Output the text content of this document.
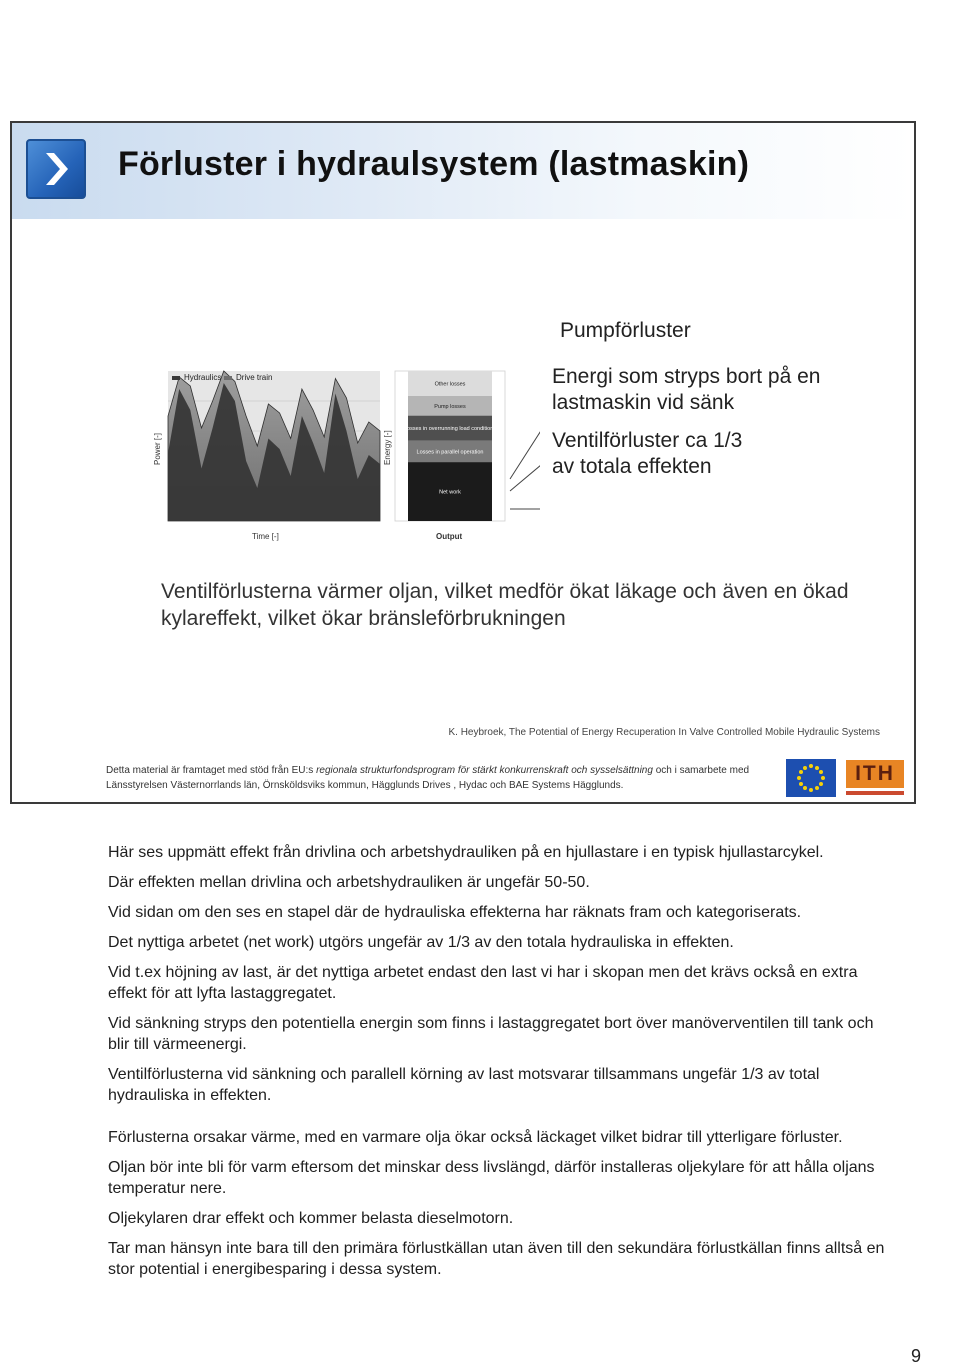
Förluster i hydraulsystem (lastmaskin)
Hydraulics Drive train
Power [-]
Time [-]
Net work
Losses in parallel operation
Losses in overrunning load conditions
Pump losses
Other losses
Energy [-]
Output

Pumpförluster

Energi som stryps bort på en
lastmaskin vid sänk

Ventilförluster ca 1/3
av totala effekten

Ventilförlusterna värmer oljan, vilket medför ökat läkage och även en ökad kylareffekt, vilket ökar bränsleförbrukningen
K. Heybroek, The Potential of Energy Recuperation In Valve Controlled Mobile Hydraulic Systems
Detta material är framtaget med stöd från EU:s regionala strukturfondsprogram för stärkt konkurrenskraft och sysselsättning och i samarbete med Länsstyrelsen Västernorrlands län, Örnsköldsviks kommun, Hägglunds Drives , Hydac och BAE Systems Hägglunds.
ITH
Här ses uppmätt effekt från drivlina och arbetshydrauliken på en hjullastare i en typisk hjullastarcykel.
Där effekten mellan drivlina och arbetshydrauliken är ungefär 50-50.
Vid sidan om den ses en stapel där de hydrauliska effekterna har räknats fram och kategoriserats.
Det nyttiga arbetet (net work) utgörs ungefär av 1/3 av den totala hydrauliska in effekten.
Vid t.ex höjning av last, är det nyttiga arbetet endast den last vi har i skopan men det krävs också en extra effekt för att lyfta lastaggregatet.
Vid sänkning stryps den potentiella energin som finns i lastaggregatet bort över manöverventilen till tank och blir till värmeenergi.
Ventilförlusterna vid sänkning och parallell körning av last motsvarar tillsammans ungefär 1/3 av total hydrauliska in effekten.
Förlusterna orsakar värme, med en varmare olja ökar också läckaget vilket bidrar till ytterligare förluster.
Oljan bör inte bli för varm eftersom det minskar dess livslängd, därför installeras oljekylare för att hålla oljans temperatur nere.
Oljekylaren drar effekt och kommer belasta dieselmotorn.
Tar man hänsyn inte bara till den primära förlustkällan utan även till den sekundära förlustkällan finns alltså en stor potential i energibesparing i dessa system.
9
